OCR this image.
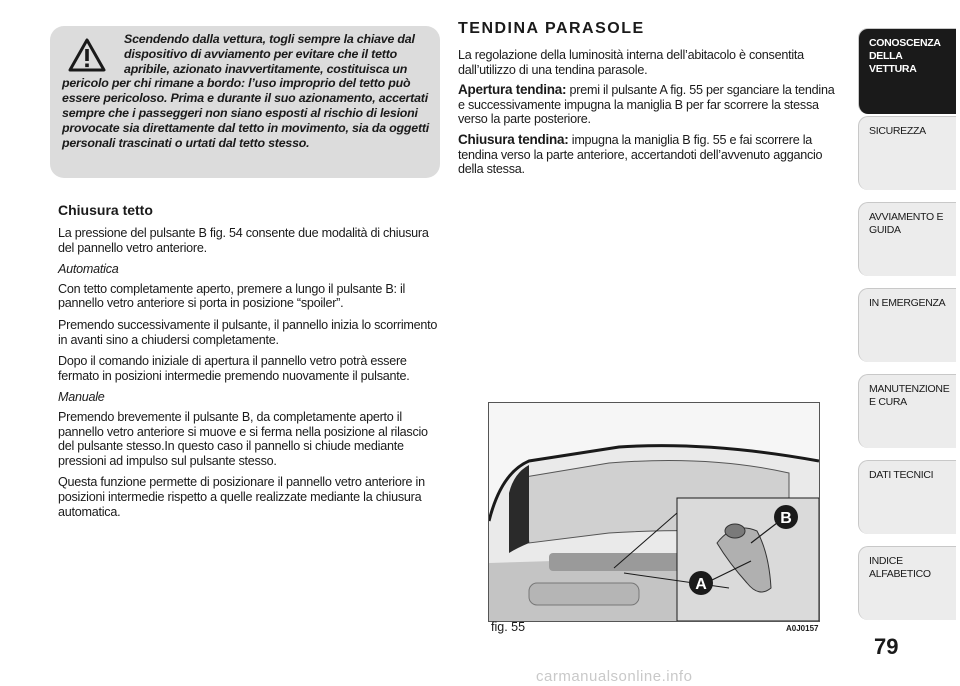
Scendendo dalla vettura, togli sempre la chiave dal dispositivo di avviamento per evitare che il tetto apribile, azionato inavvertitamente, costituisca un pericolo per chi rimane a bordo: l’uso improprio del tetto può essere pericoloso. Prima e durante il suo azionamento, accertati sempre che i passeggeri non siano esposti al rischio di lesioni provocate sia direttamente dal tetto in movimento, sia da oggetti personali trascinati o urtati dal tetto stesso.
Chiusura tetto

La pressione del pulsante B fig. 54 consente due modalità di chiusura del pannello vetro anteriore.

Automatica

Con tetto completamente aperto, premere a lungo il pulsante B: il pannello vetro anteriore si porta in posizione “spoiler”.

Premendo successivamente il pulsante, il pannello inizia lo scorrimento in avanti sino a chiudersi completamente.

Dopo il comando iniziale di apertura il pannello vetro potrà essere fermato in posizioni intermedie premendo nuovamente il pulsante.

Manuale

Premendo brevemente il pulsante B, da completamente aperto il pannello vetro anteriore si muove e si ferma nella posizione al rilascio del pulsante stesso.In questo caso il pannello si chiude mediante pressioni ad impulso sul pulsante stesso.

Questa funzione permette di posizionare il pannello vetro anteriore in posizioni intermedie rispetto a quelle realizzate mediante la chiusura automatica.

TENDINA PARASOLE

La regolazione della luminosità interna dell’abitacolo è consentita dall’utilizzo di una tendina parasole.

Apertura tendina: premi il pulsante A fig. 55 per sganciare la tendina e successivamente impugna la maniglia B per far scorrere la stessa verso la parte posteriore.

Chiusura tendina: impugna la maniglia B fig. 55 e fai scorrere la tendina verso la parte anteriore, accertandoti dell’avvenuto aggancio della stessa.

B
A
fig. 55	A0J0157
CONOSCENZA DELLA VETTURA
SICUREZZA
AVVIAMENTO E GUIDA
IN EMERGENZA
MANUTENZIONE E CURA
DATI TECNICI
INDICE ALFABETICO
79
carmanualsonline.info
